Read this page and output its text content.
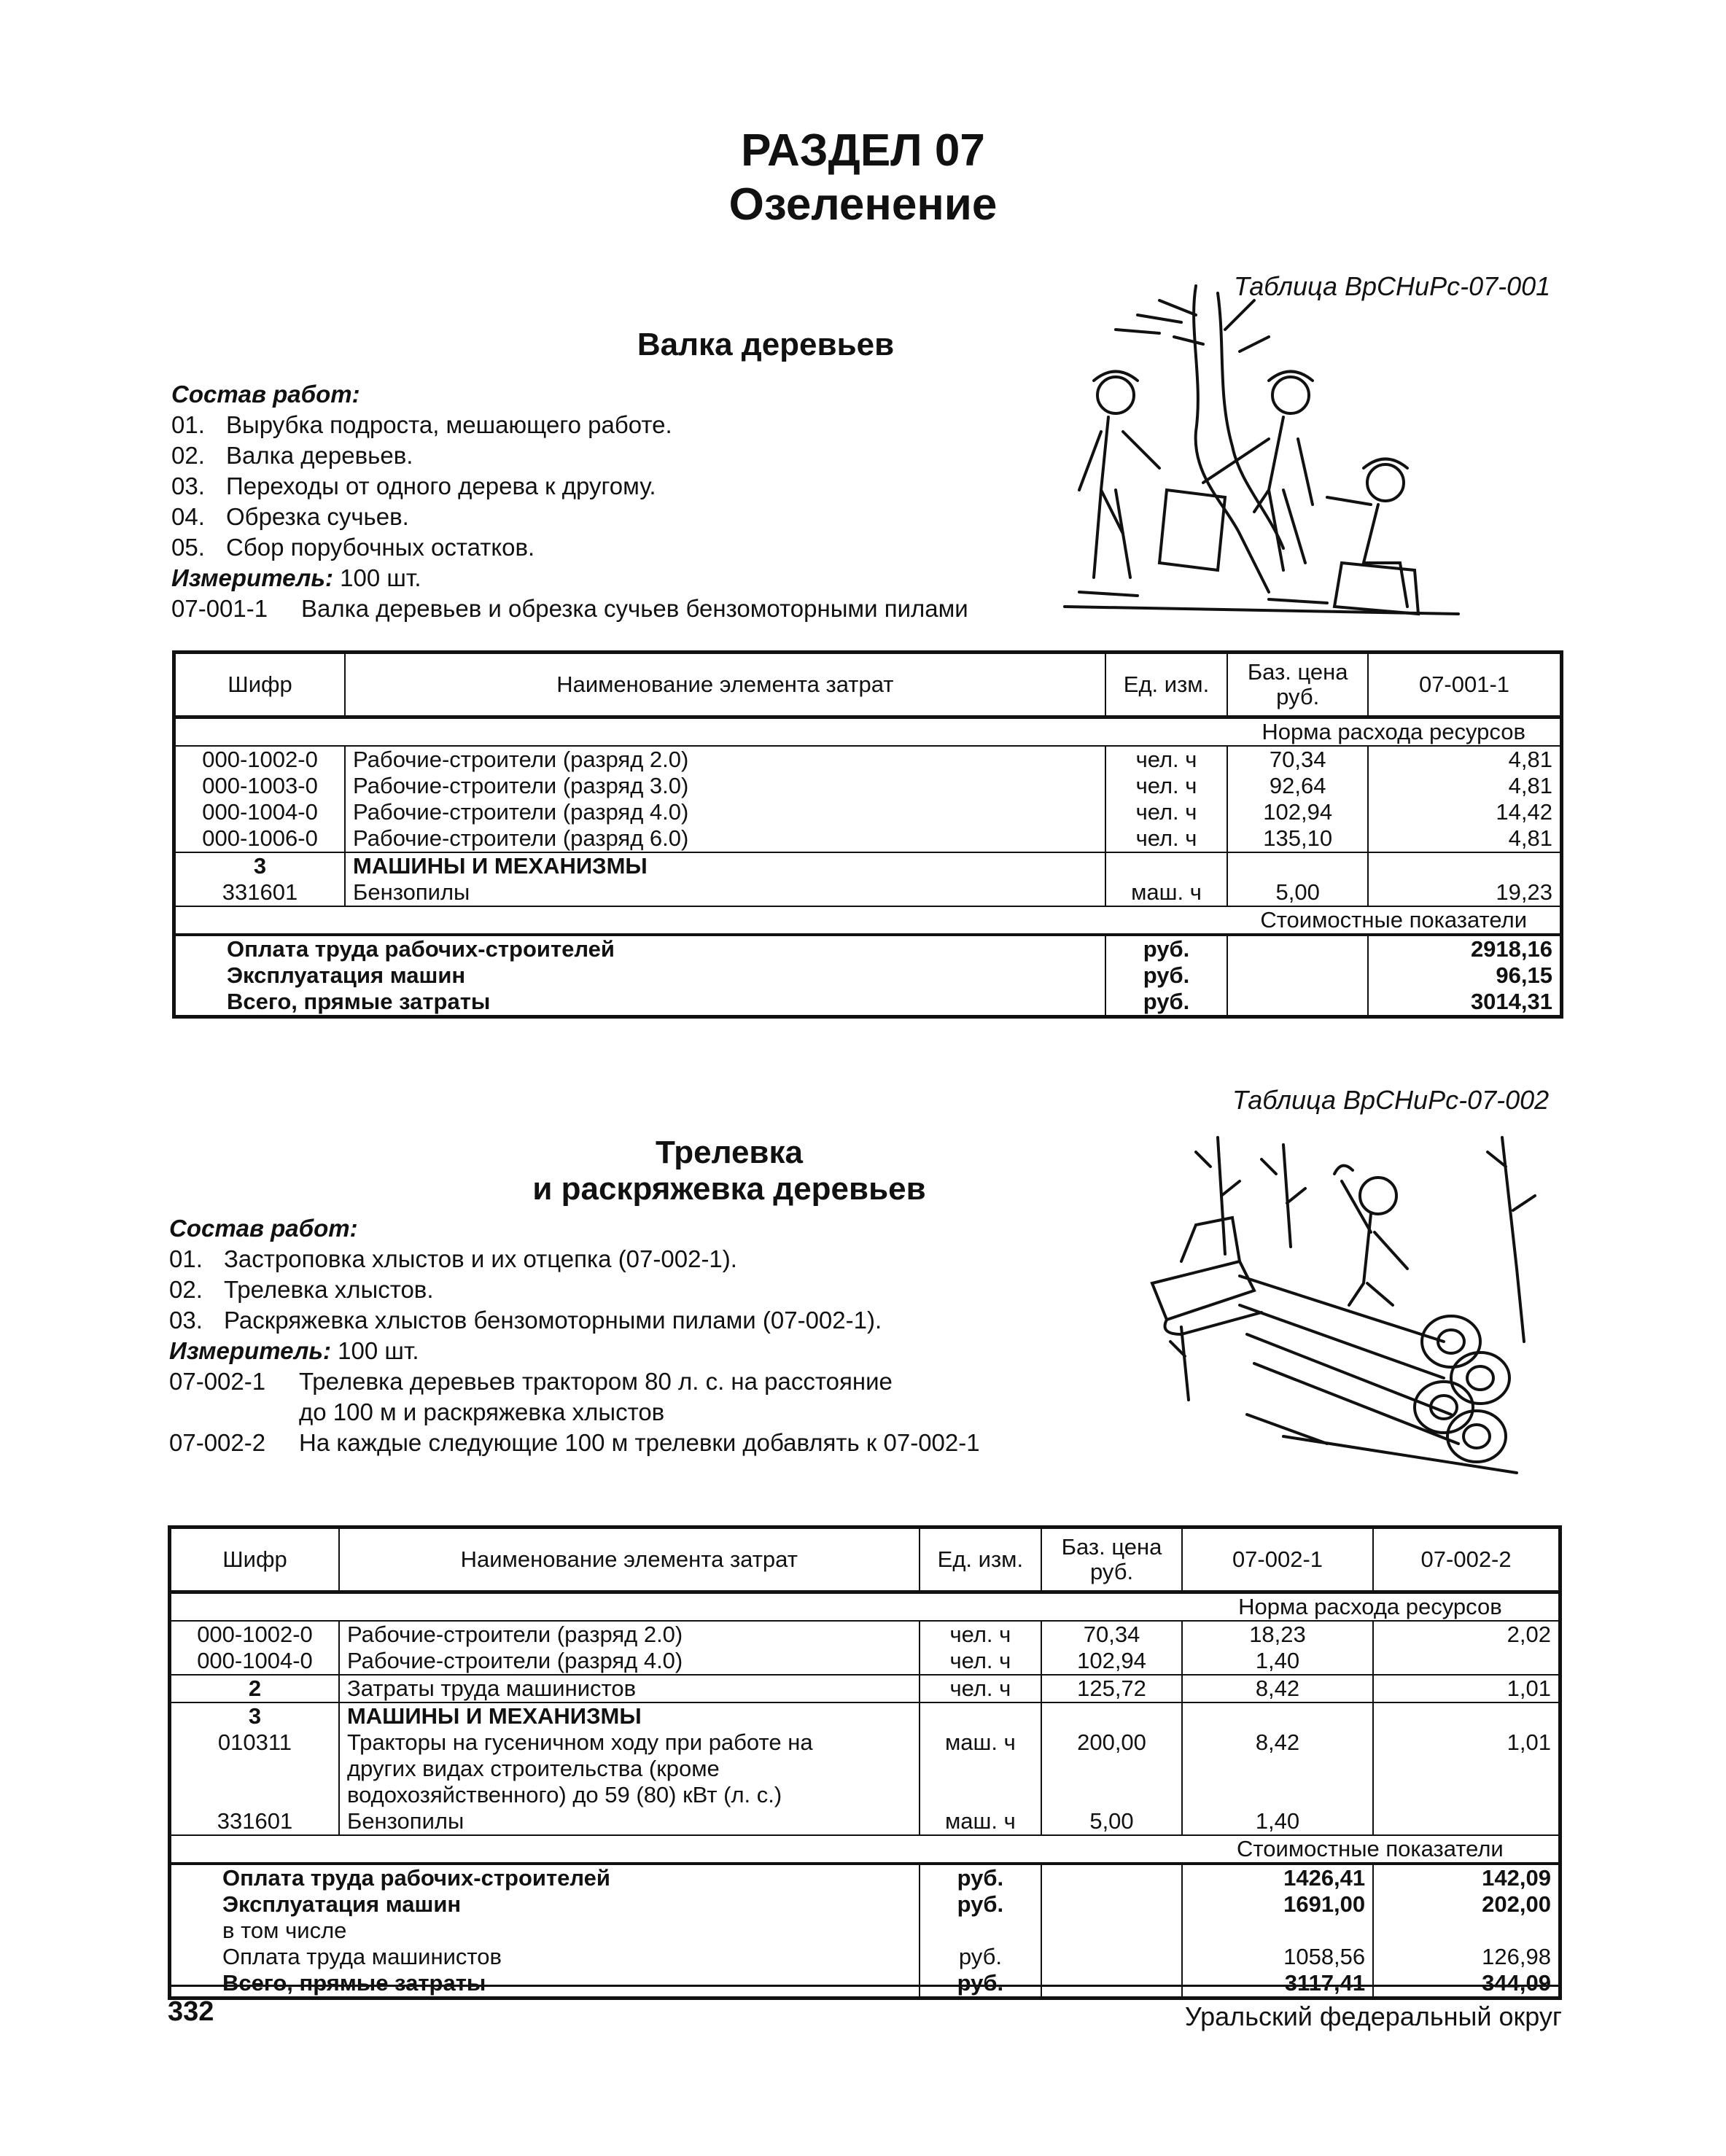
РАЗДЕЛ 07
Озеленение
Таблица ВрСНиРс-07-001
Валка деревьев
Состав работ:
01. Вырубка подроста, мешающего работе.
02. Валка деревьев.
03. Переходы от одного дерева к другому.
04. Обрезка сучьев.
05. Сбор порубочных остатков.
Измеритель: 100 шт.
07-001-1 Валка деревьев и обрезка сучьев бензомоторными пилами
Шифр	Наименование элемента затрат	Ед. изм.	Баз. цена руб.	07-001-1
			Норма расхода ресурсов	
000-1002-0	Рабочие-строители (разряд 2.0)	чел. ч	70,34	4,81
000-1003-0	Рабочие-строители (разряд 3.0)	чел. ч	92,64	4,81
000-1004-0	Рабочие-строители (разряд 4.0)	чел. ч	102,94	14,42
000-1006-0	Рабочие-строители (разряд 6.0)	чел. ч	135,10	4,81
3	МАШИНЫ И МЕХАНИЗМЫ			
331601	Бензопилы	маш. ч	5,00	19,23
			Стоимостные показатели	
Оплата труда рабочих-строителей		руб.		2918,16
Эксплуатация машин		руб.		96,15
Всего, прямые затраты		руб.		3014,31
Таблица ВрСНиРс-07-002
Трелевка
и раскряжевка деревьев
Состав работ:
01. Застроповка хлыстов и их отцепка (07-002-1).
02. Трелевка хлыстов.
03. Раскряжевка хлыстов бензомоторными пилами (07-002-1).
Измеритель: 100 шт.
07-002-1 Трелевка деревьев трактором 80 л. с. на расстояние
до 100 м и раскряжевка хлыстов
07-002-2 На каждые следующие 100 м трелевки добавлять к 07-002-1
Шифр	Наименование элемента затрат	Ед. изм.	Баз. цена руб.	07-002-1	07-002-2
				Норма расхода ресурсов	
000-1002-0	Рабочие-строители (разряд 2.0)	чел. ч	70,34	18,23	2,02
000-1004-0	Рабочие-строители (разряд 4.0)	чел. ч	102,94	1,40	
2	Затраты труда машинистов	чел. ч	125,72	8,42	1,01
3	МАШИНЫ И МЕХАНИЗМЫ				
010311	Тракторы на гусеничном ходу при работе на
других видах строительства (кроме
водохозяйственного) до 59 (80) кВт (л. с.)	маш. ч	200,00	8,42	1,01
331601	Бензопилы	маш. ч	5,00	1,40	
				Стоимостные показатели	
Оплата труда рабочих-строителей		руб.		1426,41	142,09
Эксплуатация машин		руб.		1691,00	202,00
в том числе					
Оплата труда машинистов		руб.		1058,56	126,98
Всего, прямые затраты		руб.		3117,41	344,09
332	Уральский федеральный округ
